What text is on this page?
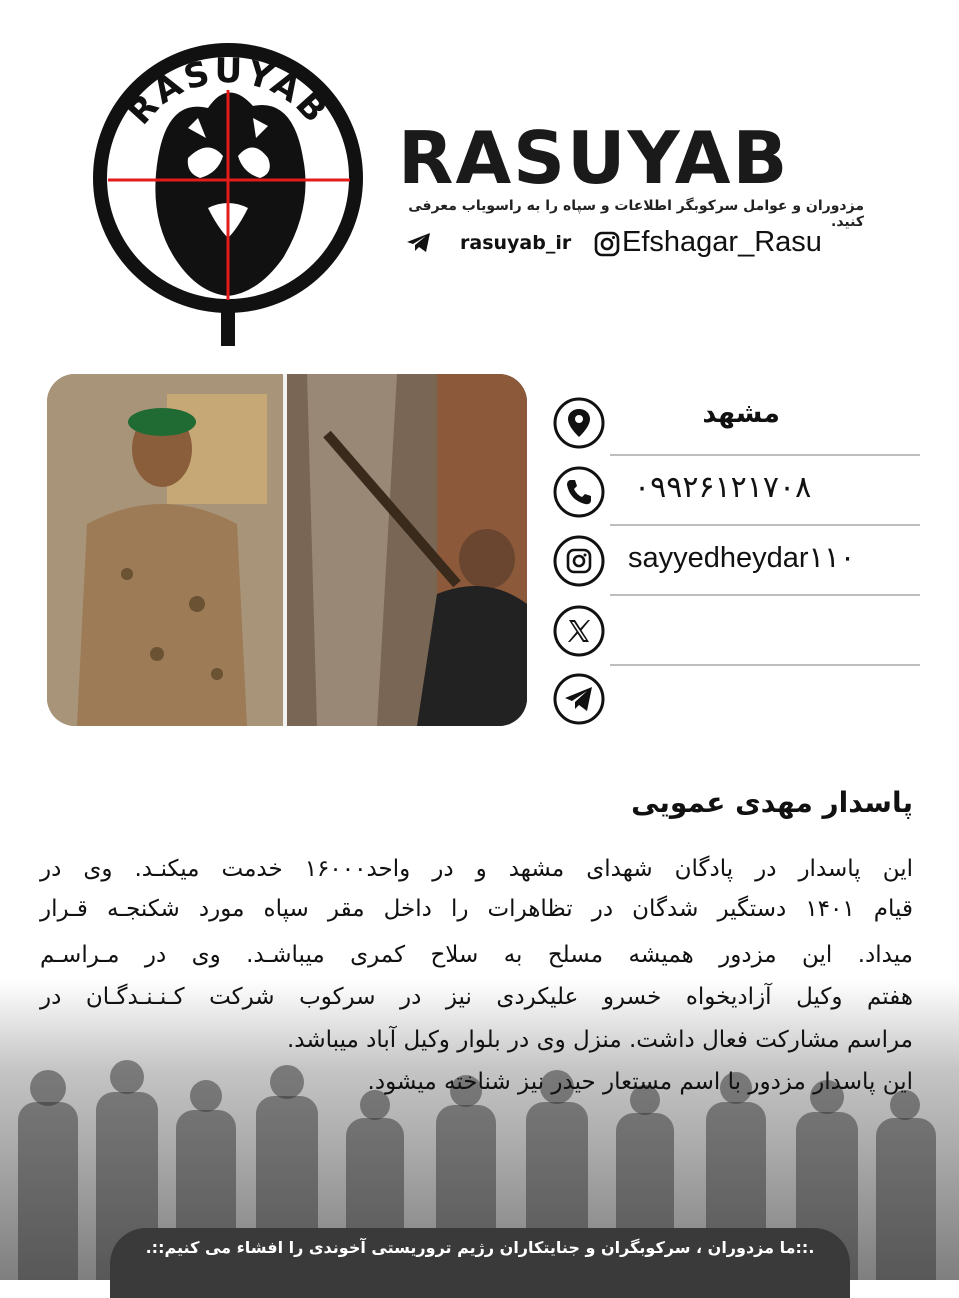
RASUYAB
RASUYAB
مزدوران و عوامل سرکوبگر اطلاعات و سپاه را به راسویاب معرفی کنید.
rasuyab_ir Efshagar_Rasu
مشهد
۰۹۹۲۶۱۲۱۷۰۸
sayyedheydar۱۱۰
پاسدار مهدی عمویی
این پاسدار در پادگان شهدای مشهد و در واحد۱۶۰۰۰ خدمت میکنـد. وی در
قیام ۱۴۰۱ دستگیر شدگان در تظاهرات را داخل مقر سپاه مورد شکنجـه قـرار
میداد. این مزدور همیشه مسلح به سلاح کمری میباشـد. وی در مـراسـم
هفتم وکیل آزادیخواه خسرو علیکردی نیز در سرکوب شرکت کـنـنـدگـان در
مراسم مشارکت فعال داشت. منزل وی در بلوار وکیل آباد میباشد.
این پاسدار مزدور با اسم مستعار حیدر نیز شناخته میشود.
.::ما مزدوران ، سرکوبگران و جنایتکاران رژیم تروریستی آخوندی را افشاء می کنیم::.
